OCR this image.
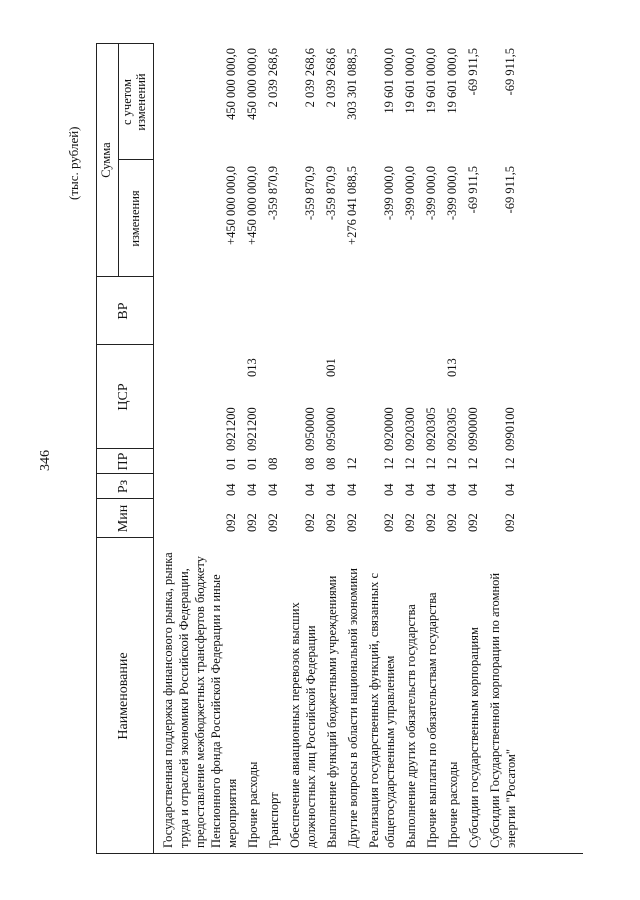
346
(тыс. рублей)
Наименование
Мин
Рз
ПР
ЦСР
ВР
Сумма
изменения
с учетом изменений
Государственная поддержка финансового рынка, рынка труда и отраслей экономики Российской Федерации, предоставление межбюджетных трансфертов бюджету Пенсионного фонда Российской Федерации и иные мероприятия
092
04
01
0921200
+450 000 000,0
450 000 000,0
Прочие расходы
092
04
01
0921200
013
+450 000 000,0
450 000 000,0
Транспорт
092
04
08
-359 870,9
2 039 268,6
Обеспечение авиационных перевозок высших должностных лиц Российской Федерации
092
04
08
0950000
-359 870,9
2 039 268,6
Выполнение функций бюджетными учреждениями
092
04
08
0950000
001
-359 870,9
2 039 268,6
Другие вопросы в области национальной экономики
092
04
12
+276 041 088,5
303 301 088,5
Реализация государственных функций, связанных с общегосударственным управлением
092
04
12
0920000
-399 000,0
19 601 000,0
Выполнение других обязательств государства
092
04
12
0920300
-399 000,0
19 601 000,0
Прочие выплаты по обязательствам государства
092
04
12
0920305
-399 000,0
19 601 000,0
Прочие расходы
092
04
12
0920305
013
-399 000,0
19 601 000,0
Субсидии государственным корпорациям
092
04
12
0990000
-69 911,5
-69 911,5
Субсидии Государственной корпорации по атомной энергии "Росатом"
092
04
12
0990100
-69 911,5
-69 911,5
